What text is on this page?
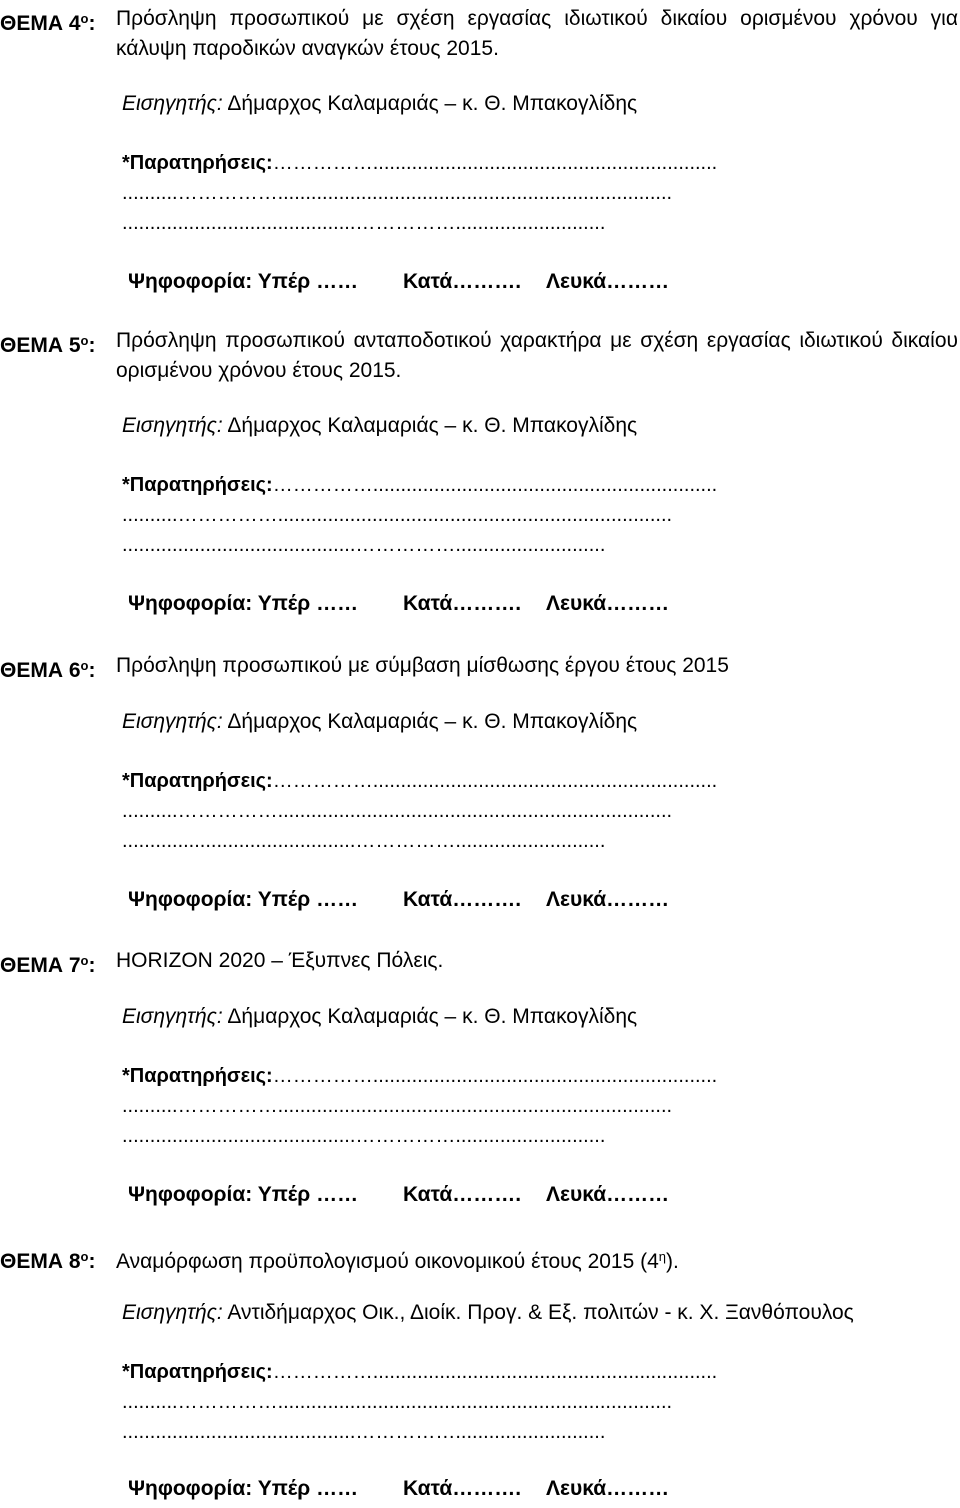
ΘΕΜΑ $4^o$: Πρόσληψη προσωπικού με σχέση εργασίας ιδιωτικού δικαίου ορισμένου χρόνου για κάλυψη παροδικών αναγκών έτους 2015.
Εισηγητής: Δήμαρχος Καλαμαριάς – κ. Θ. Μπακογλίδης
*Παρατηρήσεις:……………..............................................................
..........…………….......................................................................
..........................................……………...........................
Ψηφοφορία: Υπέρ …… Κατά………. Λευκά………
ΘΕΜΑ $5^o$: Πρόσληψη προσωπικού ανταποδοτικού χαρακτήρα με σχέση εργασίας ιδιωτικού δικαίου ορισμένου χρόνου έτους 2015.
Εισηγητής: Δήμαρχος Καλαμαριάς – κ. Θ. Μπακογλίδης
*Παρατηρήσεις:……………..............................................................
..........…………….......................................................................
..........................................……………...........................
Ψηφοφορία: Υπέρ …… Κατά………. Λευκά………
ΘΕΜΑ $6^o$: Πρόσληψη προσωπικού με σύμβαση μίσθωσης έργου έτους 2015
Εισηγητής: Δήμαρχος Καλαμαριάς – κ. Θ. Μπακογλίδης
*Παρατηρήσεις:……………..............................................................
..........…………….......................................................................
..........................................……………...........................
Ψηφοφορία: Υπέρ …… Κατά………. Λευκά………
ΘΕΜΑ $7^o$: HORIZON 2020 – Έξυπνες Πόλεις.
Εισηγητής: Δήμαρχος Καλαμαριάς – κ. Θ. Μπακογλίδης
*Παρατηρήσεις:……………..............................................................
..........…………….......................................................................
..........................................……………...........................
Ψηφοφορία: Υπέρ …… Κατά………. Λευκά………
ΘΕΜΑ $8^o$: Αναμόρφωση προϋπολογισμού οικονομικού έτους 2015 $(4^\eta)$.
Εισηγητής: Αντιδήμαρχος Οικ., Διοίκ. Προγ. & Εξ. πολιτών - κ. Χ. Ξανθόπουλος
*Παρατηρήσεις:……………..............................................................
..........…………….......................................................................
..........................................……………...........................
Ψηφοφορία: Υπέρ …… Κατά………. Λευκά………
